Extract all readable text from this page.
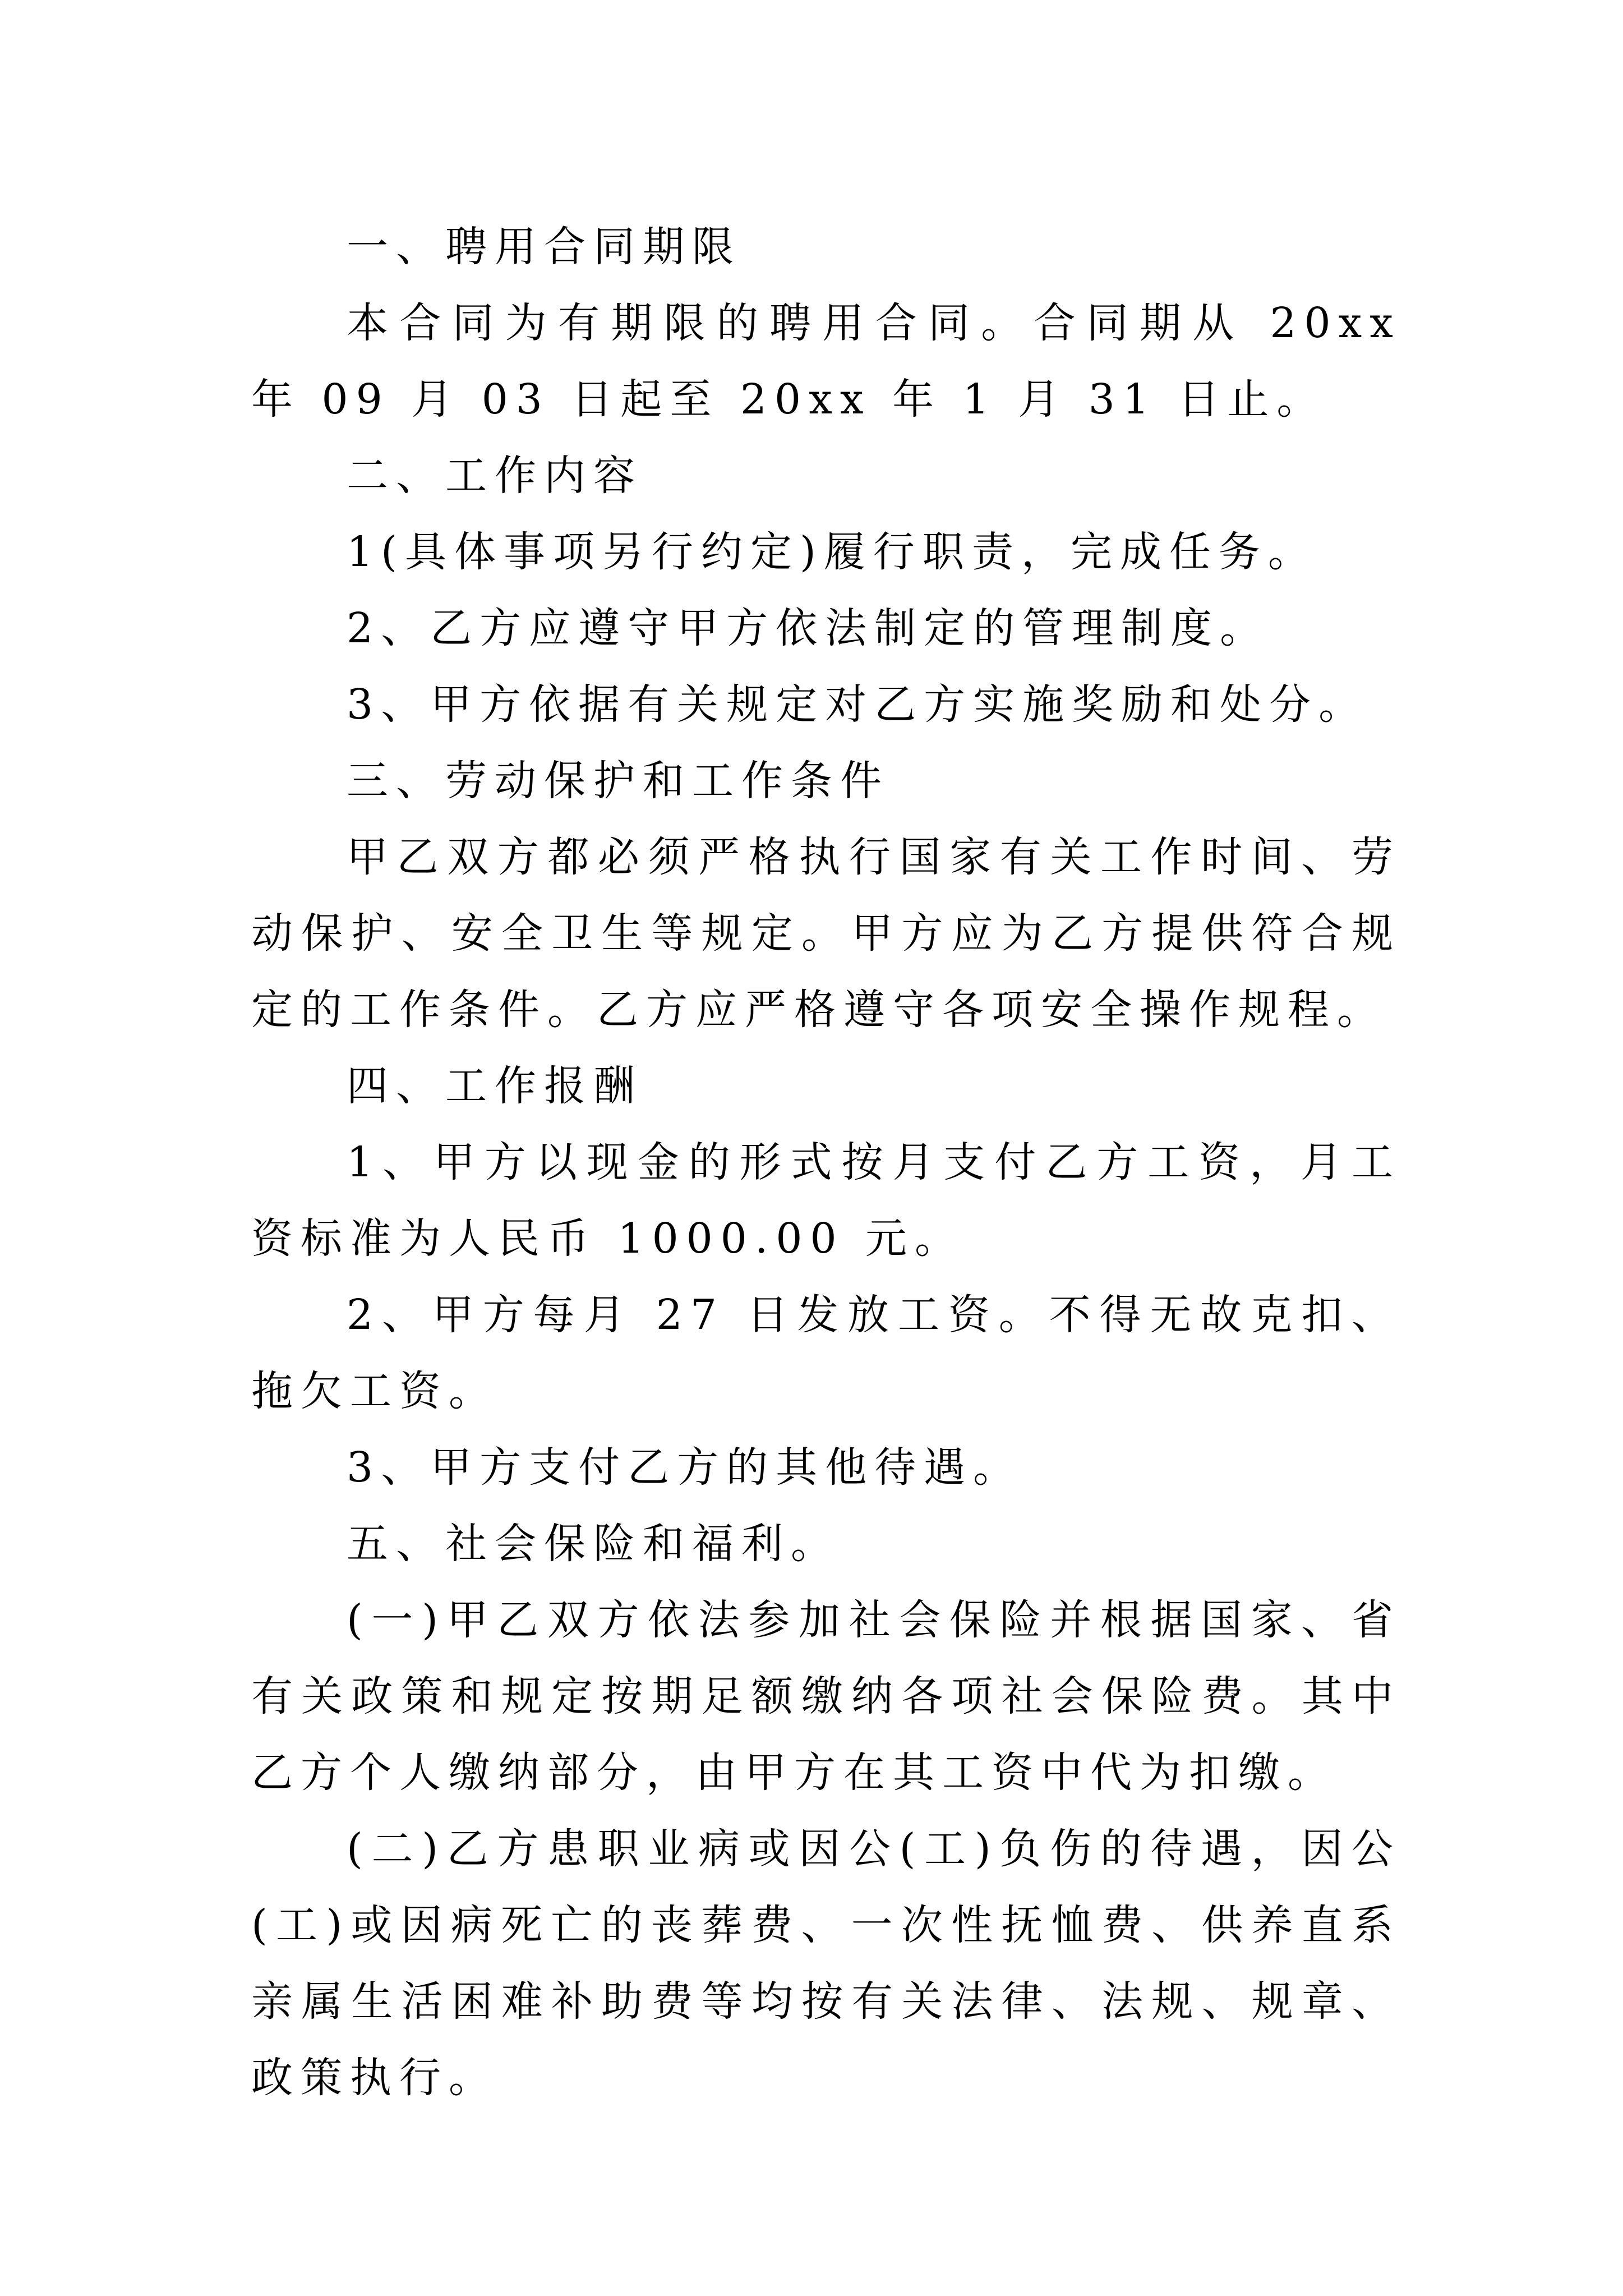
一、聘用合同期限

本合同为有期限的聘用合同。合同期从 20xx 年 09 月 03 日起至 20xx 年 1 月 31 日止。

二、工作内容

1(具体事项另行约定)履行职责，完成任务。

2、乙方应遵守甲方依法制定的管理制度。

3、甲方依据有关规定对乙方实施奖励和处分。

三、劳动保护和工作条件

甲乙双方都必须严格执行国家有关工作时间、劳动保护、安全卫生等规定。甲方应为乙方提供符合规定的工作条件。乙方应严格遵守各项安全操作规程。

四、工作报酬

1、甲方以现金的形式按月支付乙方工资，月工资标准为人民币 1000.00 元。

2、甲方每月 27 日发放工资。不得无故克扣、拖欠工资。

3、甲方支付乙方的其他待遇。

五、社会保险和福利。

(一)甲乙双方依法参加社会保险并根据国家、省有关政策和规定按期足额缴纳各项社会保险费。其中乙方个人缴纳部分，由甲方在其工资中代为扣缴。

(二)乙方患职业病或因公(工)负伤的待遇，因公(工)或因病死亡的丧葬费、一次性抚恤费、供养直系亲属生活困难补助费等均按有关法律、法规、规章、政策执行。
